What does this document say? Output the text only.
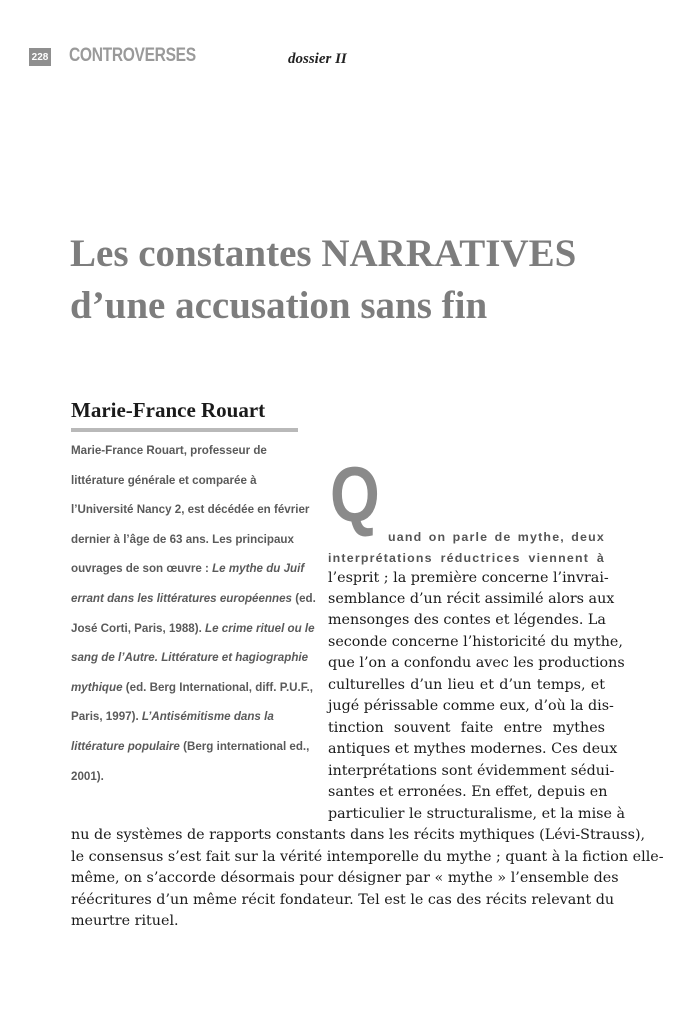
228 CONTROVERSES	dossier II
Les constantes NARRATIVES
d’une accusation sans fin
Marie-France Rouart
Marie-France Rouart, professeur de littérature générale et comparée à l’Université Nancy 2, est décédée en février dernier à l’âge de 63 ans. Les principaux ouvrages de son œuvre : Le mythe du Juif errant dans les littératures européennes (ed. José Corti, Paris, 1988). Le crime rituel ou le sang de l’Autre. Littérature et hagiographie mythique (ed. Berg International, diff. P.U.F., Paris, 1997). L’Antisémitisme dans la littérature populaire (Berg international ed., 2001).
Q uand on parle de mythe, deux
interprétations réductrices viennent à
l’esprit ; la première concerne l’invrai-
semblance d’un récit assimilé alors aux
mensonges des contes et légendes. La
seconde concerne l’historicité du mythe,
que l’on a confondu avec les productions
culturelles d’un lieu et d’un temps, et
jugé périssable comme eux, d’où la dis-
tinction souvent faite entre mythes
antiques et mythes modernes. Ces deux
interprétations sont évidemment sédui-
santes et erronées. En effet, depuis en
particulier le structuralisme, et la mise à
nu de systèmes de rapports constants dans les récits mythiques (Lévi-Strauss),
le consensus s’est fait sur la vérité intemporelle du mythe ; quant à la fiction elle-
même, on s’accorde désormais pour désigner par « mythe » l’ensemble des
réécritures d’un même récit fondateur. Tel est le cas des récits relevant du
meurtre rituel.
